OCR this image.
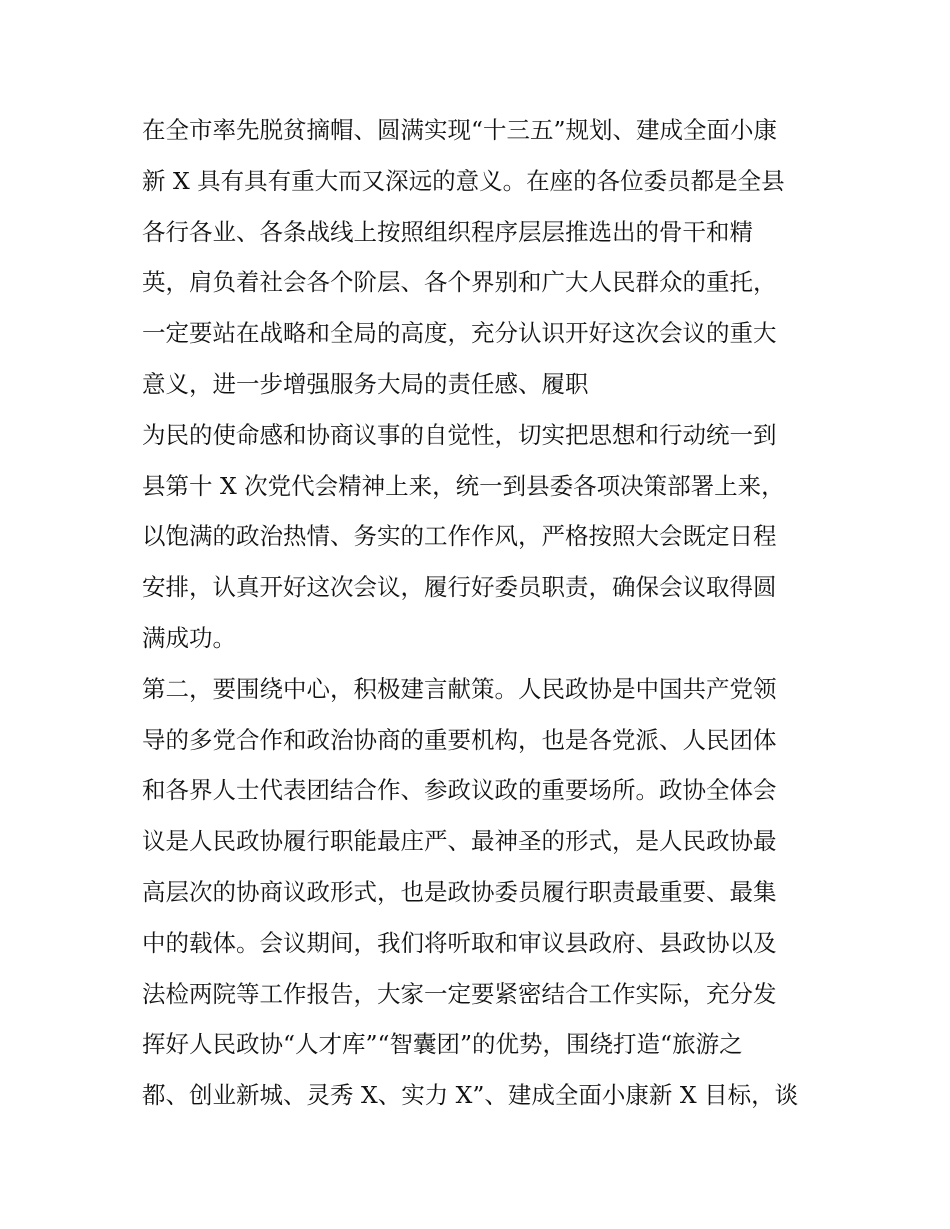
在全市率先脱贫摘帽、圆满实现“十三五”规划、建成全面小康
新 X 具有具有重大而又深远的意义。在座的各位委员都是全县
各行各业、各条战线上按照组织程序层层推选出的骨干和精
英，肩负着社会各个阶层、各个界别和广大人民群众的重托，
一定要站在战略和全局的高度，充分认识开好这次会议的重大
意义，进一步增强服务大局的责任感、履职
为民的使命感和协商议事的自觉性，切实把思想和行动统一到
县第十 X 次党代会精神上来，统一到县委各项决策部署上来，
以饱满的政治热情、务实的工作作风，严格按照大会既定日程
安排，认真开好这次会议，履行好委员职责，确保会议取得圆
满成功。
第二，要围绕中心，积极建言献策。人民政协是中国共产党领
导的多党合作和政治协商的重要机构，也是各党派、人民团体
和各界人士代表团结合作、参政议政的重要场所。政协全体会
议是人民政协履行职能最庄严、最神圣的形式，是人民政协最
高层次的协商议政形式，也是政协委员履行职责最重要、最集
中的载体。会议期间，我们将听取和审议县政府、县政协以及
法检两院等工作报告，大家一定要紧密结合工作实际，充分发
挥好人民政协“人才库”“智囊团”的优势，围绕打造“旅游之
都、创业新城、灵秀 X、实力 X”、建成全面小康新 X 目标，谈
